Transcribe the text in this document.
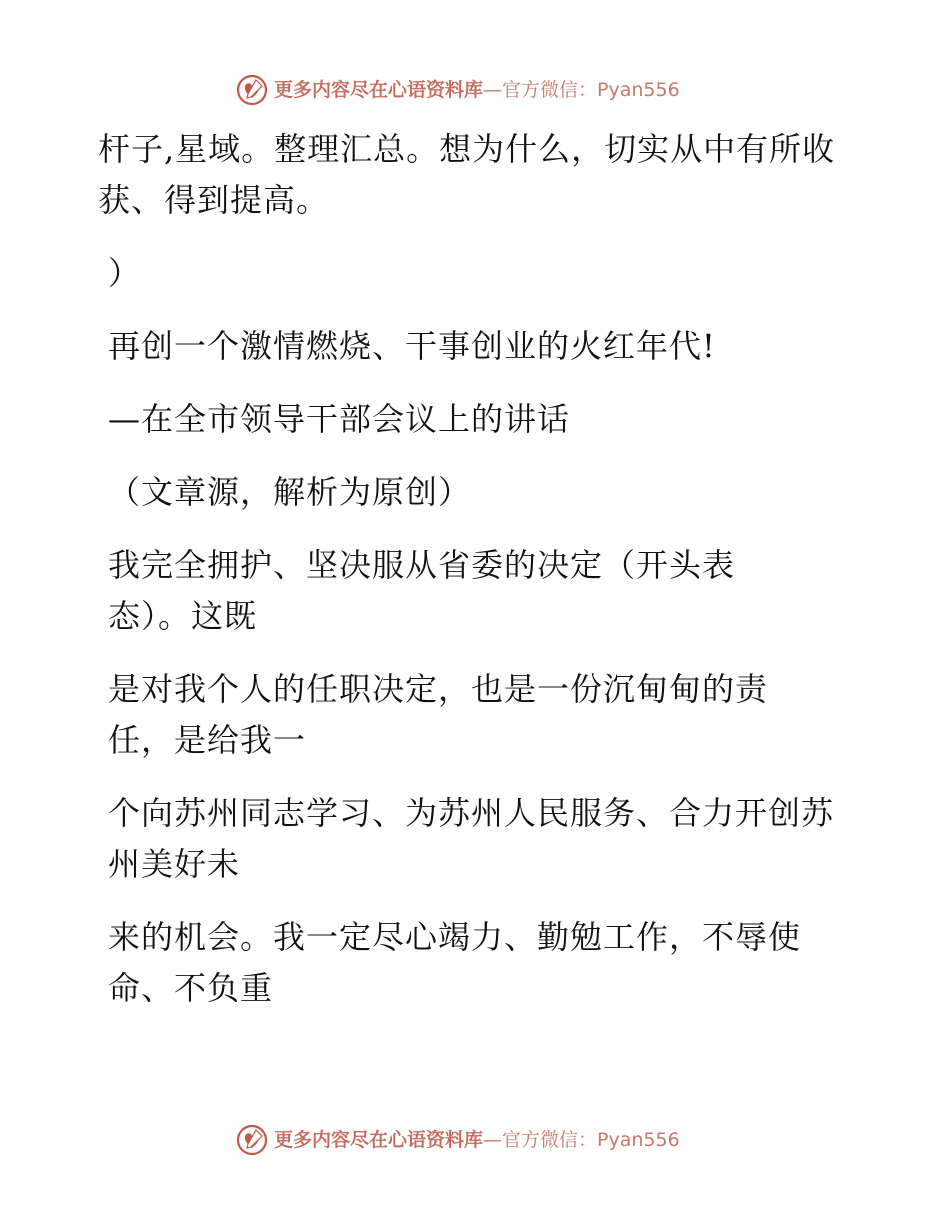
更多内容尽在心语资料库—官方微信：Pyan556

杆子,星域。整理汇总。想为什么，切实从中有所收获、得到提高。

）

再创一个激情燃烧、干事创业的火红年代!

—在全市领导干部会议上的讲话

（文章源，解析为原创）

我完全拥护、坚决服从省委的决定（开头表
态）。这既

是对我个人的任职决定，也是一份沉甸甸的责
任，是给我一

个向苏州同志学习、为苏州人民服务、合力开创苏州美好未

来的机会。我一定尽心竭力、勤勉工作，不辱使命、不负重

更多内容尽在心语资料库—官方微信：Pyan556
